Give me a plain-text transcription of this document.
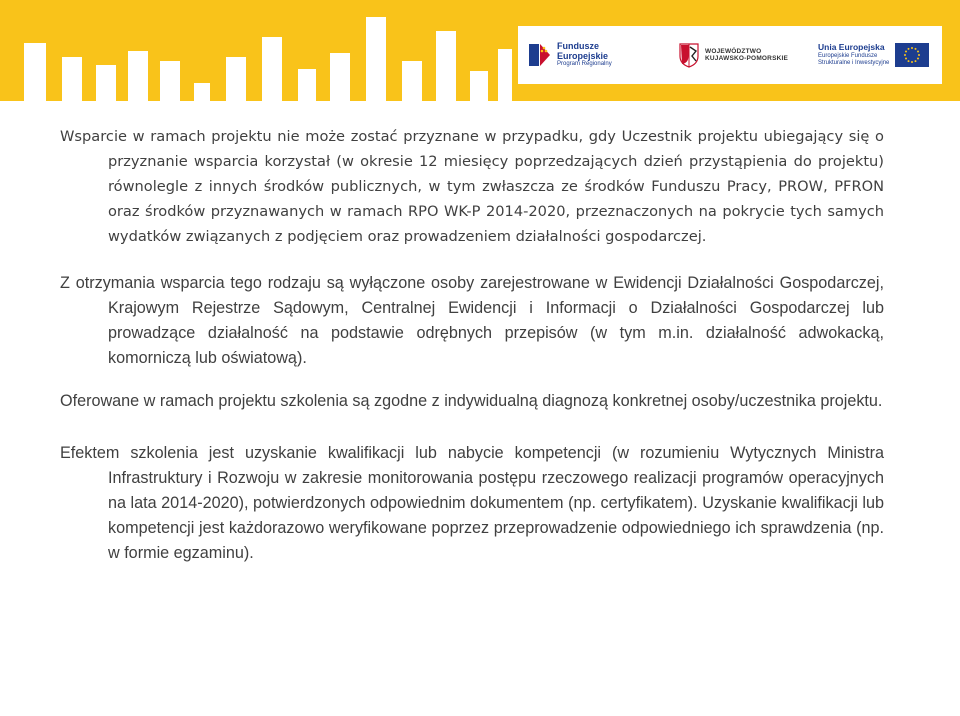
Fundusze
Europejskie
Program Regionalny
WOJEWÓDZTWO
KUJAWSKO-POMORSKIE
Unia Europejska
Europejskie Fundusze
Strukturalne i Inwestycyjne

Wsparcie w ramach projektu nie może zostać przyznane w przypadku, gdy Uczestnik projektu ubiegający się o przyznanie wsparcia korzystał (w okresie 12 miesięcy poprzedzających dzień przystąpienia do projektu) równolegle z innych środków publicznych, w tym zwłaszcza ze środków Funduszu Pracy, PROW, PFRON oraz środków przyznawanych w ramach RPO WK-P 2014-2020, przeznaczonych na pokrycie tych samych wydatków związanych z podjęciem oraz prowadzeniem działalności gospodarczej.

Z otrzymania wsparcia tego rodzaju są wyłączone osoby zarejestrowane w Ewidencji Działalności Gospodarczej, Krajowym Rejestrze Sądowym, Centralnej Ewidencji i Informacji o Działalności Gospodarczej lub prowadzące działalność na podstawie odrębnych przepisów (w tym m.in. działalność adwokacką, komorniczą lub oświatową).

Oferowane w ramach projektu szkolenia są zgodne z indywidualną diagnozą konkretnej osoby/uczestnika projektu.

Efektem szkolenia jest uzyskanie kwalifikacji lub nabycie kompetencji (w rozumieniu Wytycznych Ministra Infrastruktury i Rozwoju w zakresie monitorowania postępu rzeczowego realizacji programów operacyjnych na lata 2014-2020), potwierdzonych odpowiednim dokumentem (np. certyfikatem). Uzyskanie kwalifikacji lub kompetencji jest każdorazowo weryfikowane poprzez przeprowadzenie odpowiedniego ich sprawdzenia (np. w formie egzaminu).
